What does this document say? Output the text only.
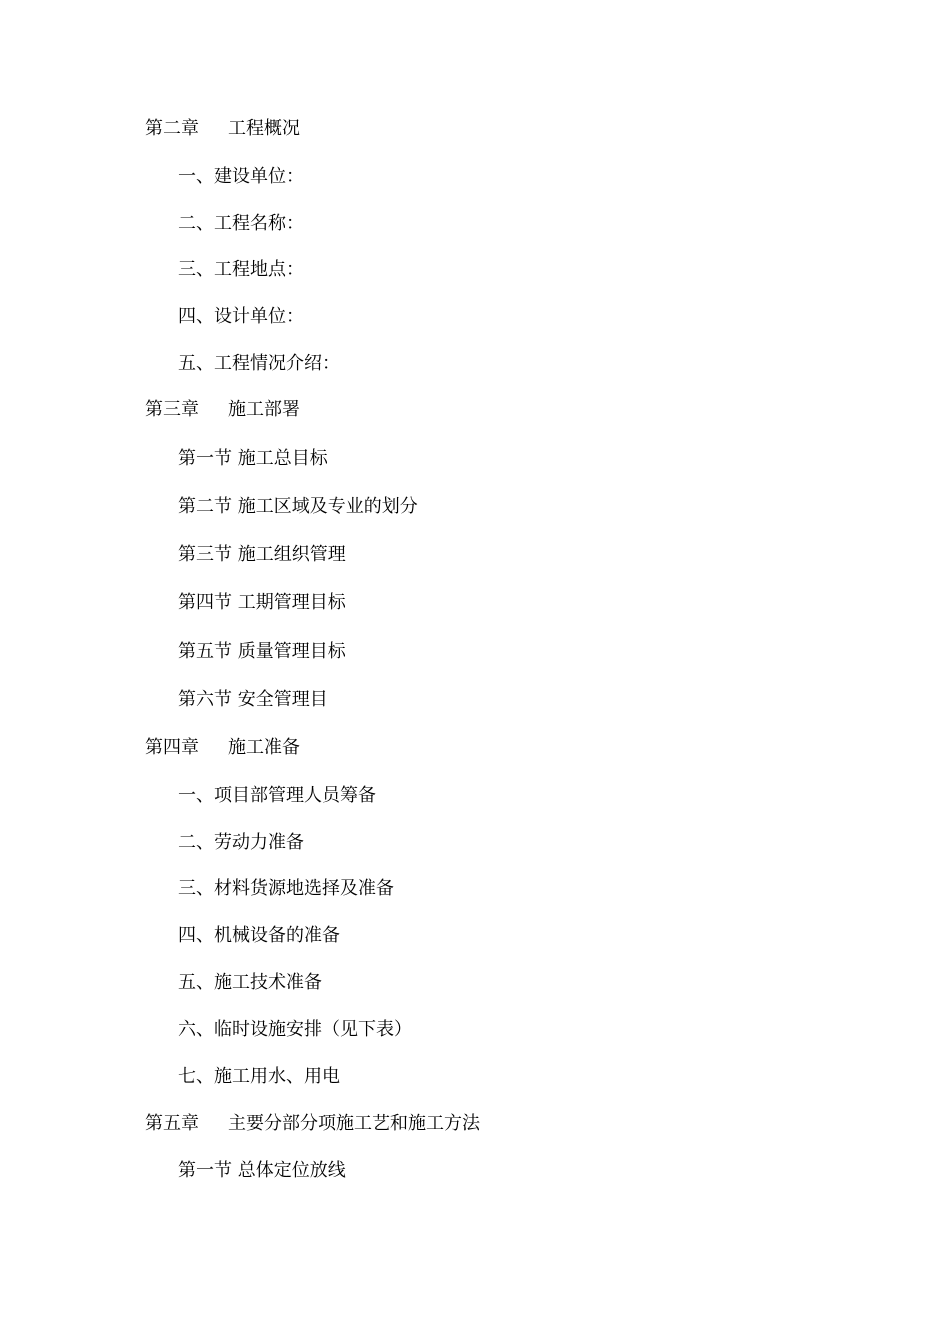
第二章 工程概况
一、建设单位：
二、工程名称：
三、工程地点：
四、设计单位：
五、工程情况介绍：
第三章 施工部署
第一节 施工总目标
第二节 施工区域及专业的划分
第三节 施工组织管理
第四节 工期管理目标
第五节 质量管理目标
第六节 安全管理目
第四章 施工准备
一、项目部管理人员筹备
二、劳动力准备
三、材料货源地选择及准备
四、机械设备的准备
五、施工技术准备
六、临时设施安排（见下表）
七、施工用水、用电
第五章 主要分部分项施工艺和施工方法
第一节 总体定位放线
